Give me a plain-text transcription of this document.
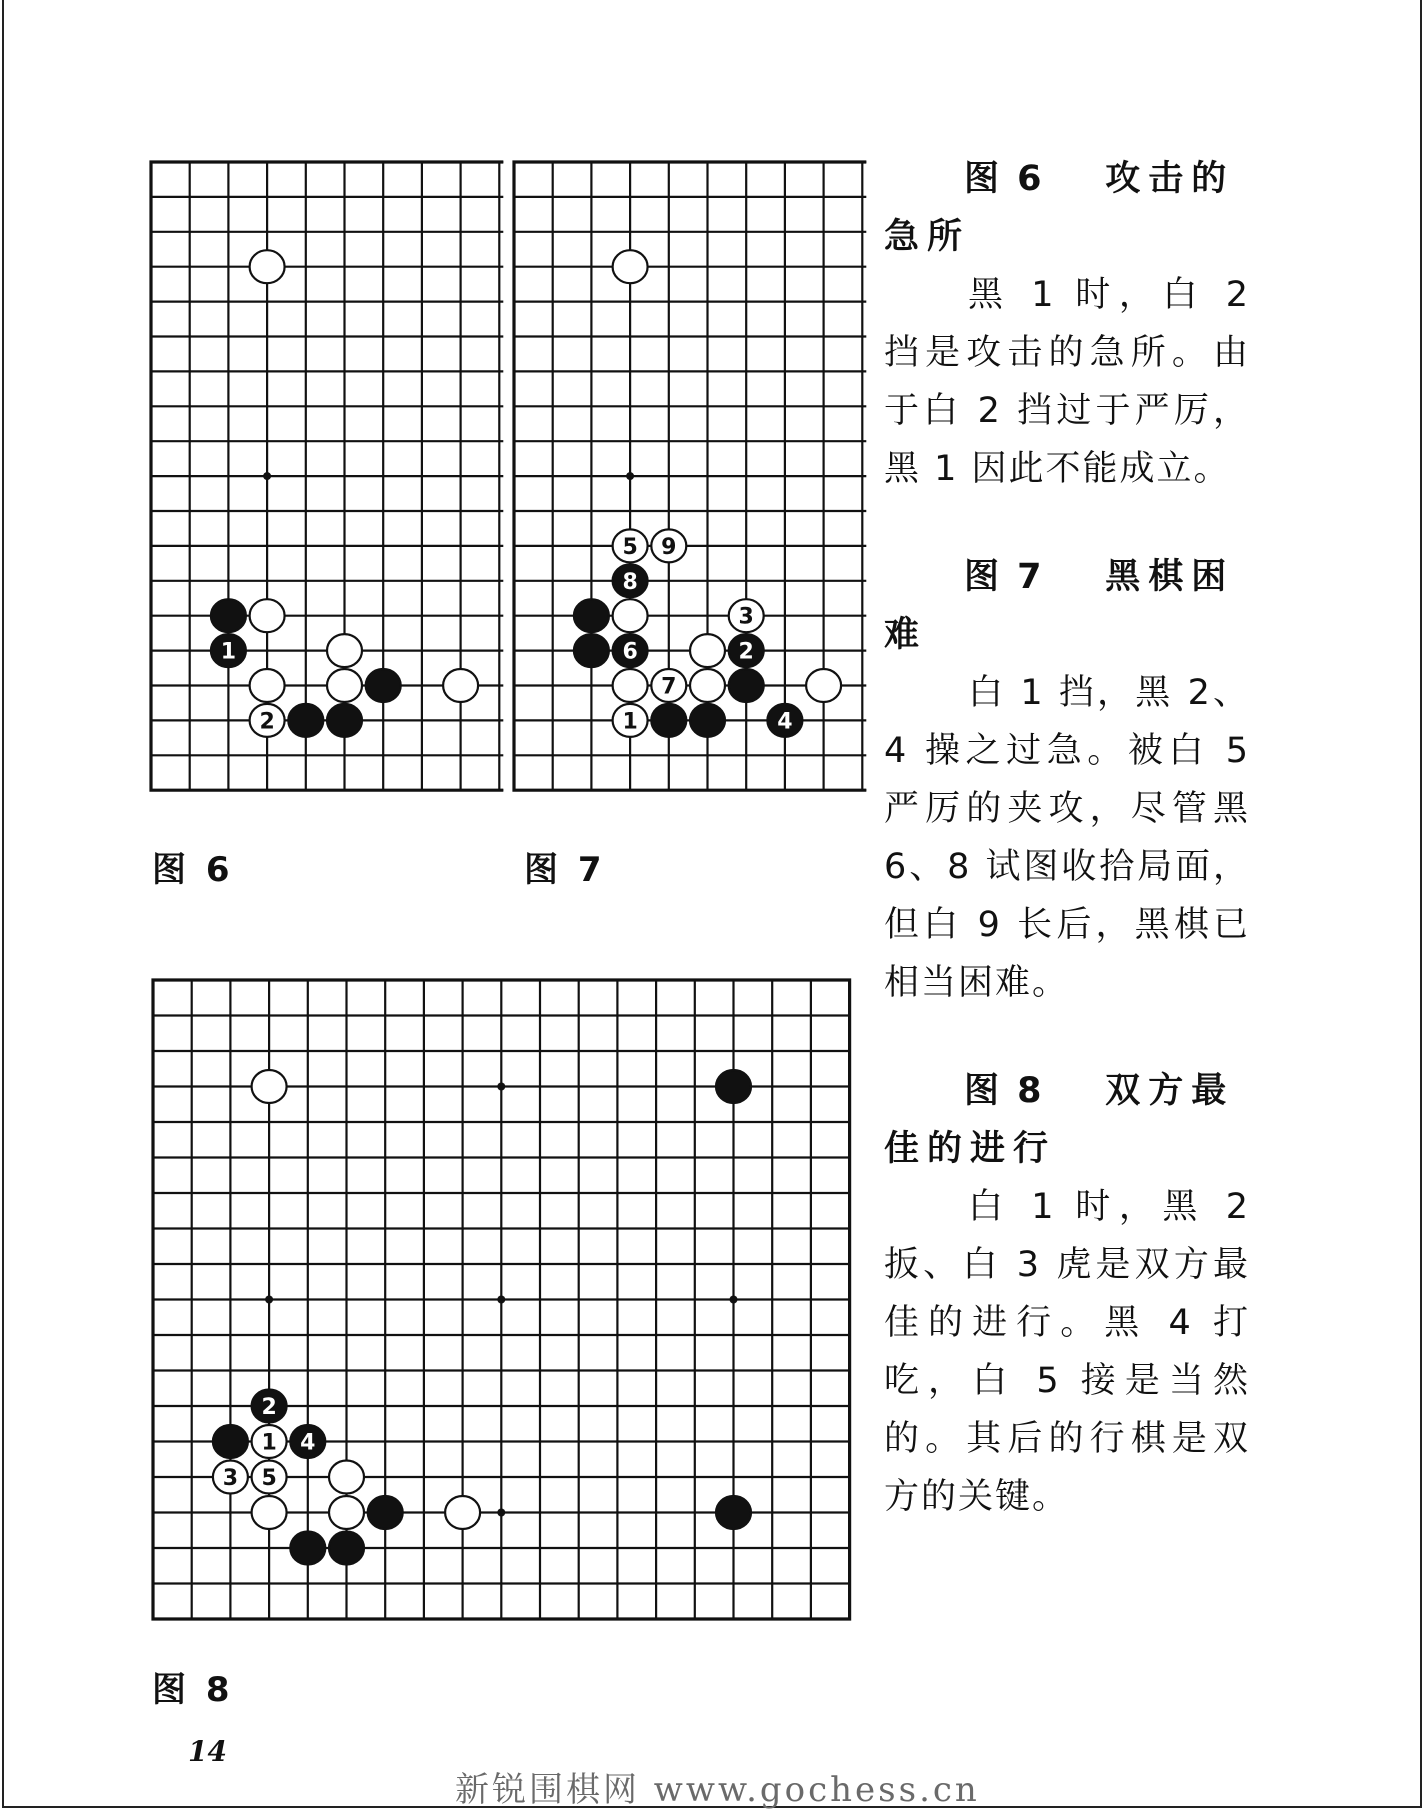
1
2
5 9
8
3
6	2
7
1	4
2
1 4
3 5
图 6	图 7
图 8
图 6 攻击的急所
黑 1 时，白 2 挡是攻击的急所。由于白 2 挡过于严厉，黑 1 因此不能成立。
图 7 黑棋困难
白 1 挡，黑 2、4 操之过急。被白 5 严厉的夹攻，尽管黑 6、8 试图收拾局面，但白 9 长后，黑棋已相当困难。
图 8 双方最佳的进行
白 1 时，黑 2 扳、白 3 虎是双方最佳的进行。黑 4 打吃，白 5 接是当然的。其后的行棋是双方的关键。
14
新锐围棋网 www.gochess.cn
